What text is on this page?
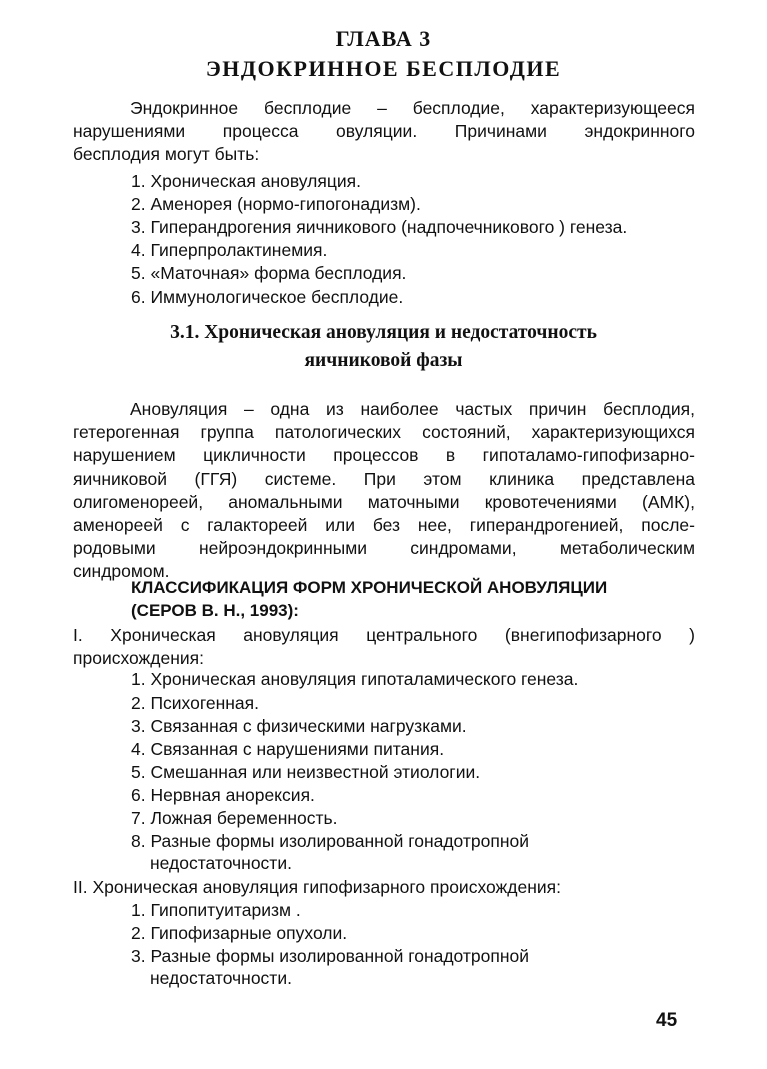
ГЛАВА 3
ЭНДОКРИННОЕ БЕСПЛОДИЕ
Эндокринное бесплодие – бесплодие, характеризующееся
нарушениями процесса овуляции. Причинами эндокринного
бесплодия могут быть:

1. Хроническая ановуляция.

2. Аменорея (нормо-гипогонадизм).

3. Гиперандрогения яичникового (надпочечникового ) генеза.

4. Гиперпролактинемия.

5. «Маточная» форма бесплодия.

6. Иммунологическое бесплодие.

3.1. Хроническая ановуляция и недостаточность
яичниковой фазы
Ановуляция – одна из наиболее частых причин бесплодия,
гетерогенная группа патологических состояний, характеризующихся
нарушением цикличности процессов в гипоталамо-гипофизарно-
яичниковой (ГГЯ) системе. При этом клиника представлена
олигоменореей, аномальными маточными кровотечениями (АМК),
аменореей с галактореей или без нее, гиперандрогенией, после-
родовыми нейроэндокринными синдромами, метаболическим
синдромом.

КЛАССИФИКАЦИЯ ФОРМ ХРОНИЧЕСКОЙ АНОВУЛЯЦИИ

(СЕРОВ В. Н., 1993):

I. Хроническая ановуляция центрального (внегипофизарного )
происхождения:

1. Хроническая ановуляция гипоталамического генеза.

2. Психогенная.

3. Связанная с физическими нагрузками.

4. Связанная с нарушениями питания.

5. Смешанная или неизвестной этиологии.

6. Нервная анорексия.

7. Ложная беременность.

8. Разные формы изолированной гонадотропной

недостаточности.

II. Хроническая ановуляция гипофизарного происхождения:

1. Гипопитуитаризм .

2. Гипофизарные опухоли.

3. Разные формы изолированной гонадотропной

недостаточности.

45
